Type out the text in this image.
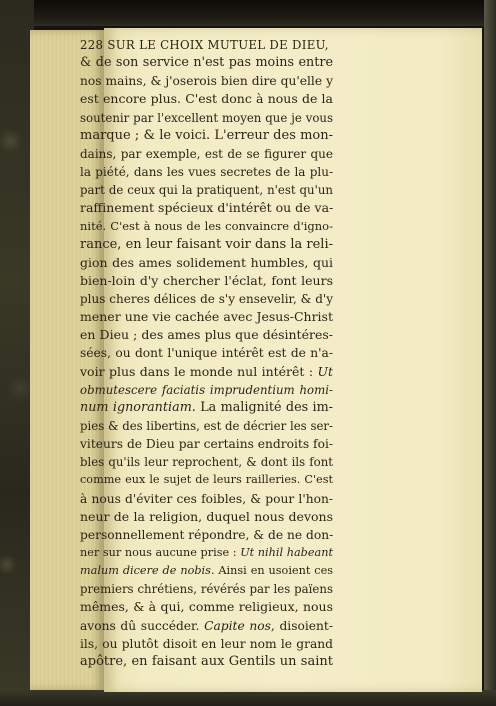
228 SUR LE CHOIX MUTUEL DE DIEU,
& de son service n'est pas moins entre
nos mains, & j'oserois bien dire qu'elle y
est encore plus. C'est donc à nous de la
soutenir par l'excellent moyen que je vous
marque ; & le voici. L'erreur des mon-
dains, par exemple, est de se figurer que
la piété, dans les vues secretes de la plu-
part de ceux qui la pratiquent, n'est qu'un
raffinement spécieux d'intérêt ou de va-
nité. C'est à nous de les convaincre d'igno-
rance, en leur faisant voir dans la reli-
gion des ames solidement humbles, qui
bien-loin d'y chercher l'éclat, font leurs
plus cheres délices de s'y ensevelir, & d'y
mener une vie cachée avec Jesus-Christ
en Dieu ; des ames plus que désintéres-
sées, ou dont l'unique intérêt est de n'a-
voir plus dans le monde nul intérêt : Ut
obmutescere faciatis imprudentium homi-
num ignorantiam. La malignité des im-
pies & des libertins, est de décrier les ser-
viteurs de Dieu par certains endroits foi-
bles qu'ils leur reprochent, & dont ils font
comme eux le sujet de leurs railleries. C'est
à nous d'éviter ces foibles, & pour l'hon-
neur de la religion, duquel nous devons
personnellement répondre, & de ne don-
ner sur nous aucune prise : Ut nihil habeant
malum dicere de nobis. Ainsi en usoient ces
premiers chrétiens, révérés par les païens
mêmes, & à qui, comme religieux, nous
avons dû succéder. Capite nos, disoient-
ils, ou plutôt disoit en leur nom le grand
apôtre, en faisant aux Gentils un saint
